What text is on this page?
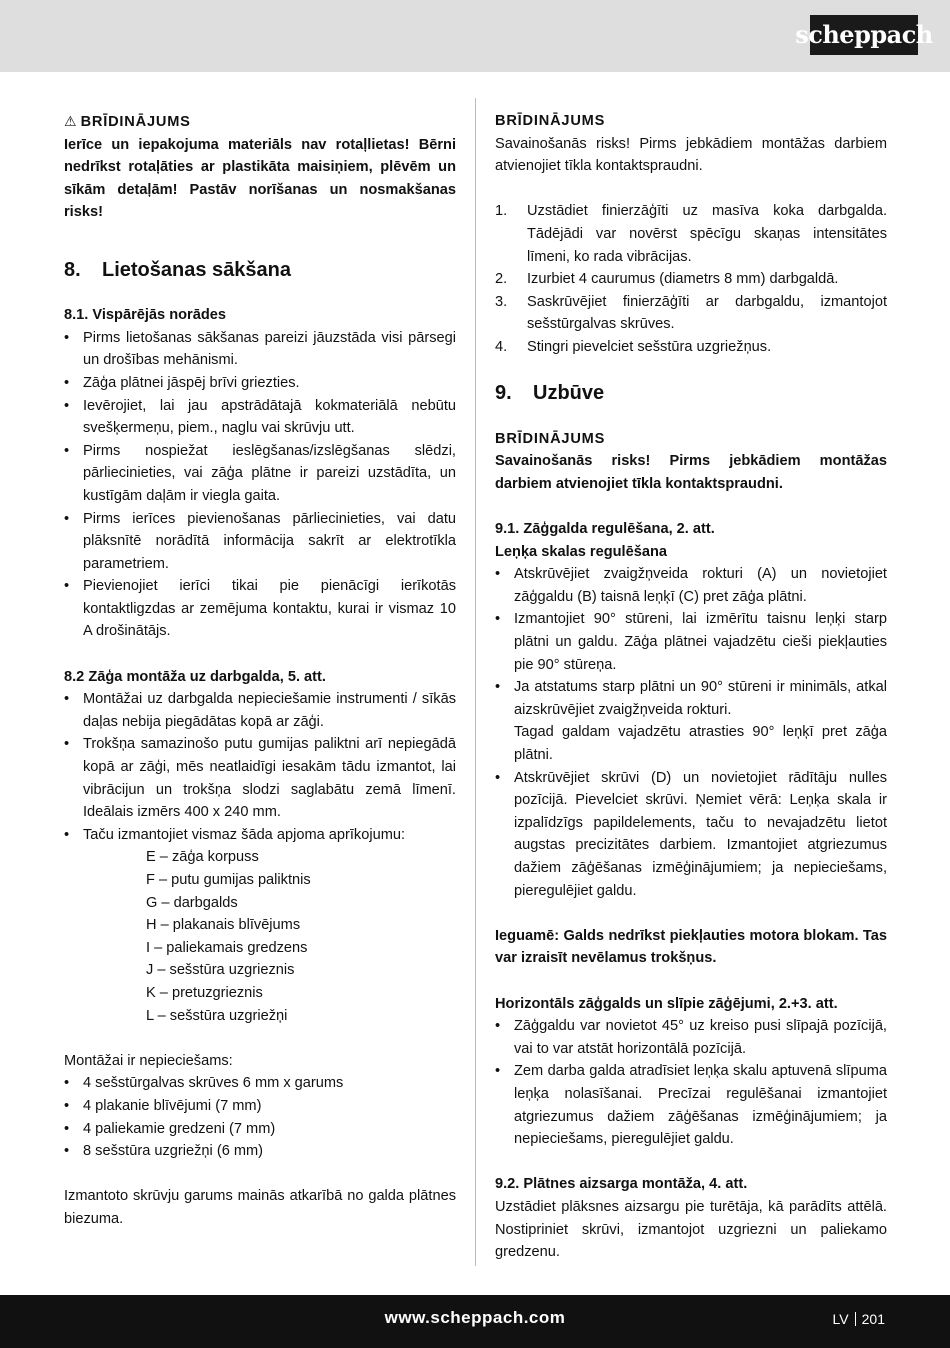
scheppach

⚠ BRĪDINĀJUMS

Ierīce un iepakojuma materiāls nav rotaļlietas! Bērni nedrīkst rotaļāties ar plastikāta maisiņiem, plēvēm un sīkām detaļām! Pastāv norīšanas un nosmakšanas risks!

8.	Lietošanas sākšana

8.1. Vispārējās norādes

• Pirms lietošanas sākšanas pareizi jāuzstāda visi pārsegi un drošības mehānismi.
• Zāģa plātnei jāspēj brīvi griezties.
• Ievērojiet, lai jau apstrādātajā kokmateriālā nebūtu svešķermeņu, piem., naglu vai skrūvju utt.
• Pirms nospiežat ieslēgšanas/izslēgšanas slēdzi, pārliecinieties, vai zāģa plātne ir pareizi uzstādīta, un kustīgām daļām ir viegla gaita.
• Pirms ierīces pievienošanas pārliecinieties, vai datu plāksnītē norādītā informācija sakrīt ar elektrotīkla parametriem.
• Pievienojiet ierīci tikai pie pienācīgi ierīkotās kontaktligzdas ar zemējuma kontaktu, kurai ir vismaz 10 A drošinātājs.

8.2 Zāģa montāža uz darbgalda, 5. att.

• Montāžai uz darbgalda nepieciešamie instrumenti / sīkās daļas nebija piegādātas kopā ar zāģi.
• Trokšņa samazinošo putu gumijas paliktni arī nepiegādā kopā ar zāģi, mēs neatlaidīgi iesakām tādu izmantot, lai vibrācijun un trokšņa slodzi saglabātu zemā līmenī. Ideālais izmērs 400 x 240 mm.
• Taču izmantojiet vismaz šāda apjoma aprīkojumu:

E – zāģa korpuss

F – putu gumijas paliktnis

G – darbgalds

H – plakanais blīvējums

I – paliekamais gredzens

J – sešstūra uzgrieznis

K – pretuzgrieznis

L – sešstūra uzgriežņi

Montāžai ir nepieciešams:

• 4 sešstūrgalvas skrūves 6 mm x garums
• 4 plakanie blīvējumi (7 mm)
• 4 paliekamie gredzeni (7 mm)
• 8 sešstūra uzgriežņi (6 mm)

Izmantoto skrūvju garums mainās atkarībā no galda plātnes biezuma.

BRĪDINĀJUMS

Savainošanās risks! Pirms jebkādiem montāžas darbiem atvienojiet tīkla kontaktspraudni.

1. Uzstādiet finierzāģīti uz masīva koka darbgalda. Tādējādi var novērst spēcīgu skaņas intensitātes līmeni, ko rada vibrācijas.
2. Izurbiet 4 caurumus (diametrs 8 mm) darbgaldā.
3. Saskrūvējiet finierzāģīti ar darbgaldu, izmantojot sešstūrgalvas skrūves.
4. Stingri pievelciet sešstūra uzgriežņus.
9.	Uzbūve

BRĪDINĀJUMS

Savainošanās risks! Pirms jebkādiem montāžas darbiem atvienojiet tīkla kontaktspraudni.

9.1. Zāģgalda regulēšana, 2. att.

Leņķa skalas regulēšana

• Atskrūvējiet zvaigžņveida rokturi (A) un novietojiet zāģgaldu (B) taisnā leņķī (C) pret zāģa plātni.
• Izmantojiet 90° stūreni, lai izmērītu taisnu leņķi starp plātni un galdu. Zāģa plātnei vajadzētu cieši piekļauties pie 90° stūreņa.
• Ja atstatums starp plātni un 90° stūreni ir minimāls, atkal aizskrūvējiet zvaigžņveida rokturi.
Tagad galdam vajadzētu atrasties 90° leņķī pret zāģa plātni.
• Atskrūvējiet skrūvi (D) un novietojiet rādītāju nulles pozīcijā. Pievelciet skrūvi. Ņemiet vērā: Leņķa skala ir izpalīdzīgs papildelements, taču to nevajadzētu lietot augstas precizitātes darbiem. Izmantojiet atgriezumus dažiem zāģēšanas izmēģinājumiem; ja nepieciešams, pieregulējiet galdu.

Ieguamē: Galds nedrīkst piekļauties motora blokam. Tas var izraisīt nevēlamus trokšņus.

Horizontāls zāģgalds un slīpie zāģējumi, 2.+3. att.

• Zāģgaldu var novietot 45° uz kreiso pusi slīpajā pozīcijā, vai to var atstāt horizontālā pozīcijā.
• Zem darba galda atradīsiet leņķa skalu aptuvenā slīpuma leņķa nolasīšanai. Precīzai regulēšanai izmantojiet atgriezumus dažiem zāģēšanas izmēģinājumiem; ja nepieciešams, pieregulējiet galdu.

9.2. Plātnes aizsarga montāža, 4. att.

Uzstādiet plāksnes aizsargu pie turētāja, kā parādīts attēlā. Nostipriniet skrūvi, izmantojot uzgriezni un paliekamo gredzenu.

www.scheppach.com	LV 201
